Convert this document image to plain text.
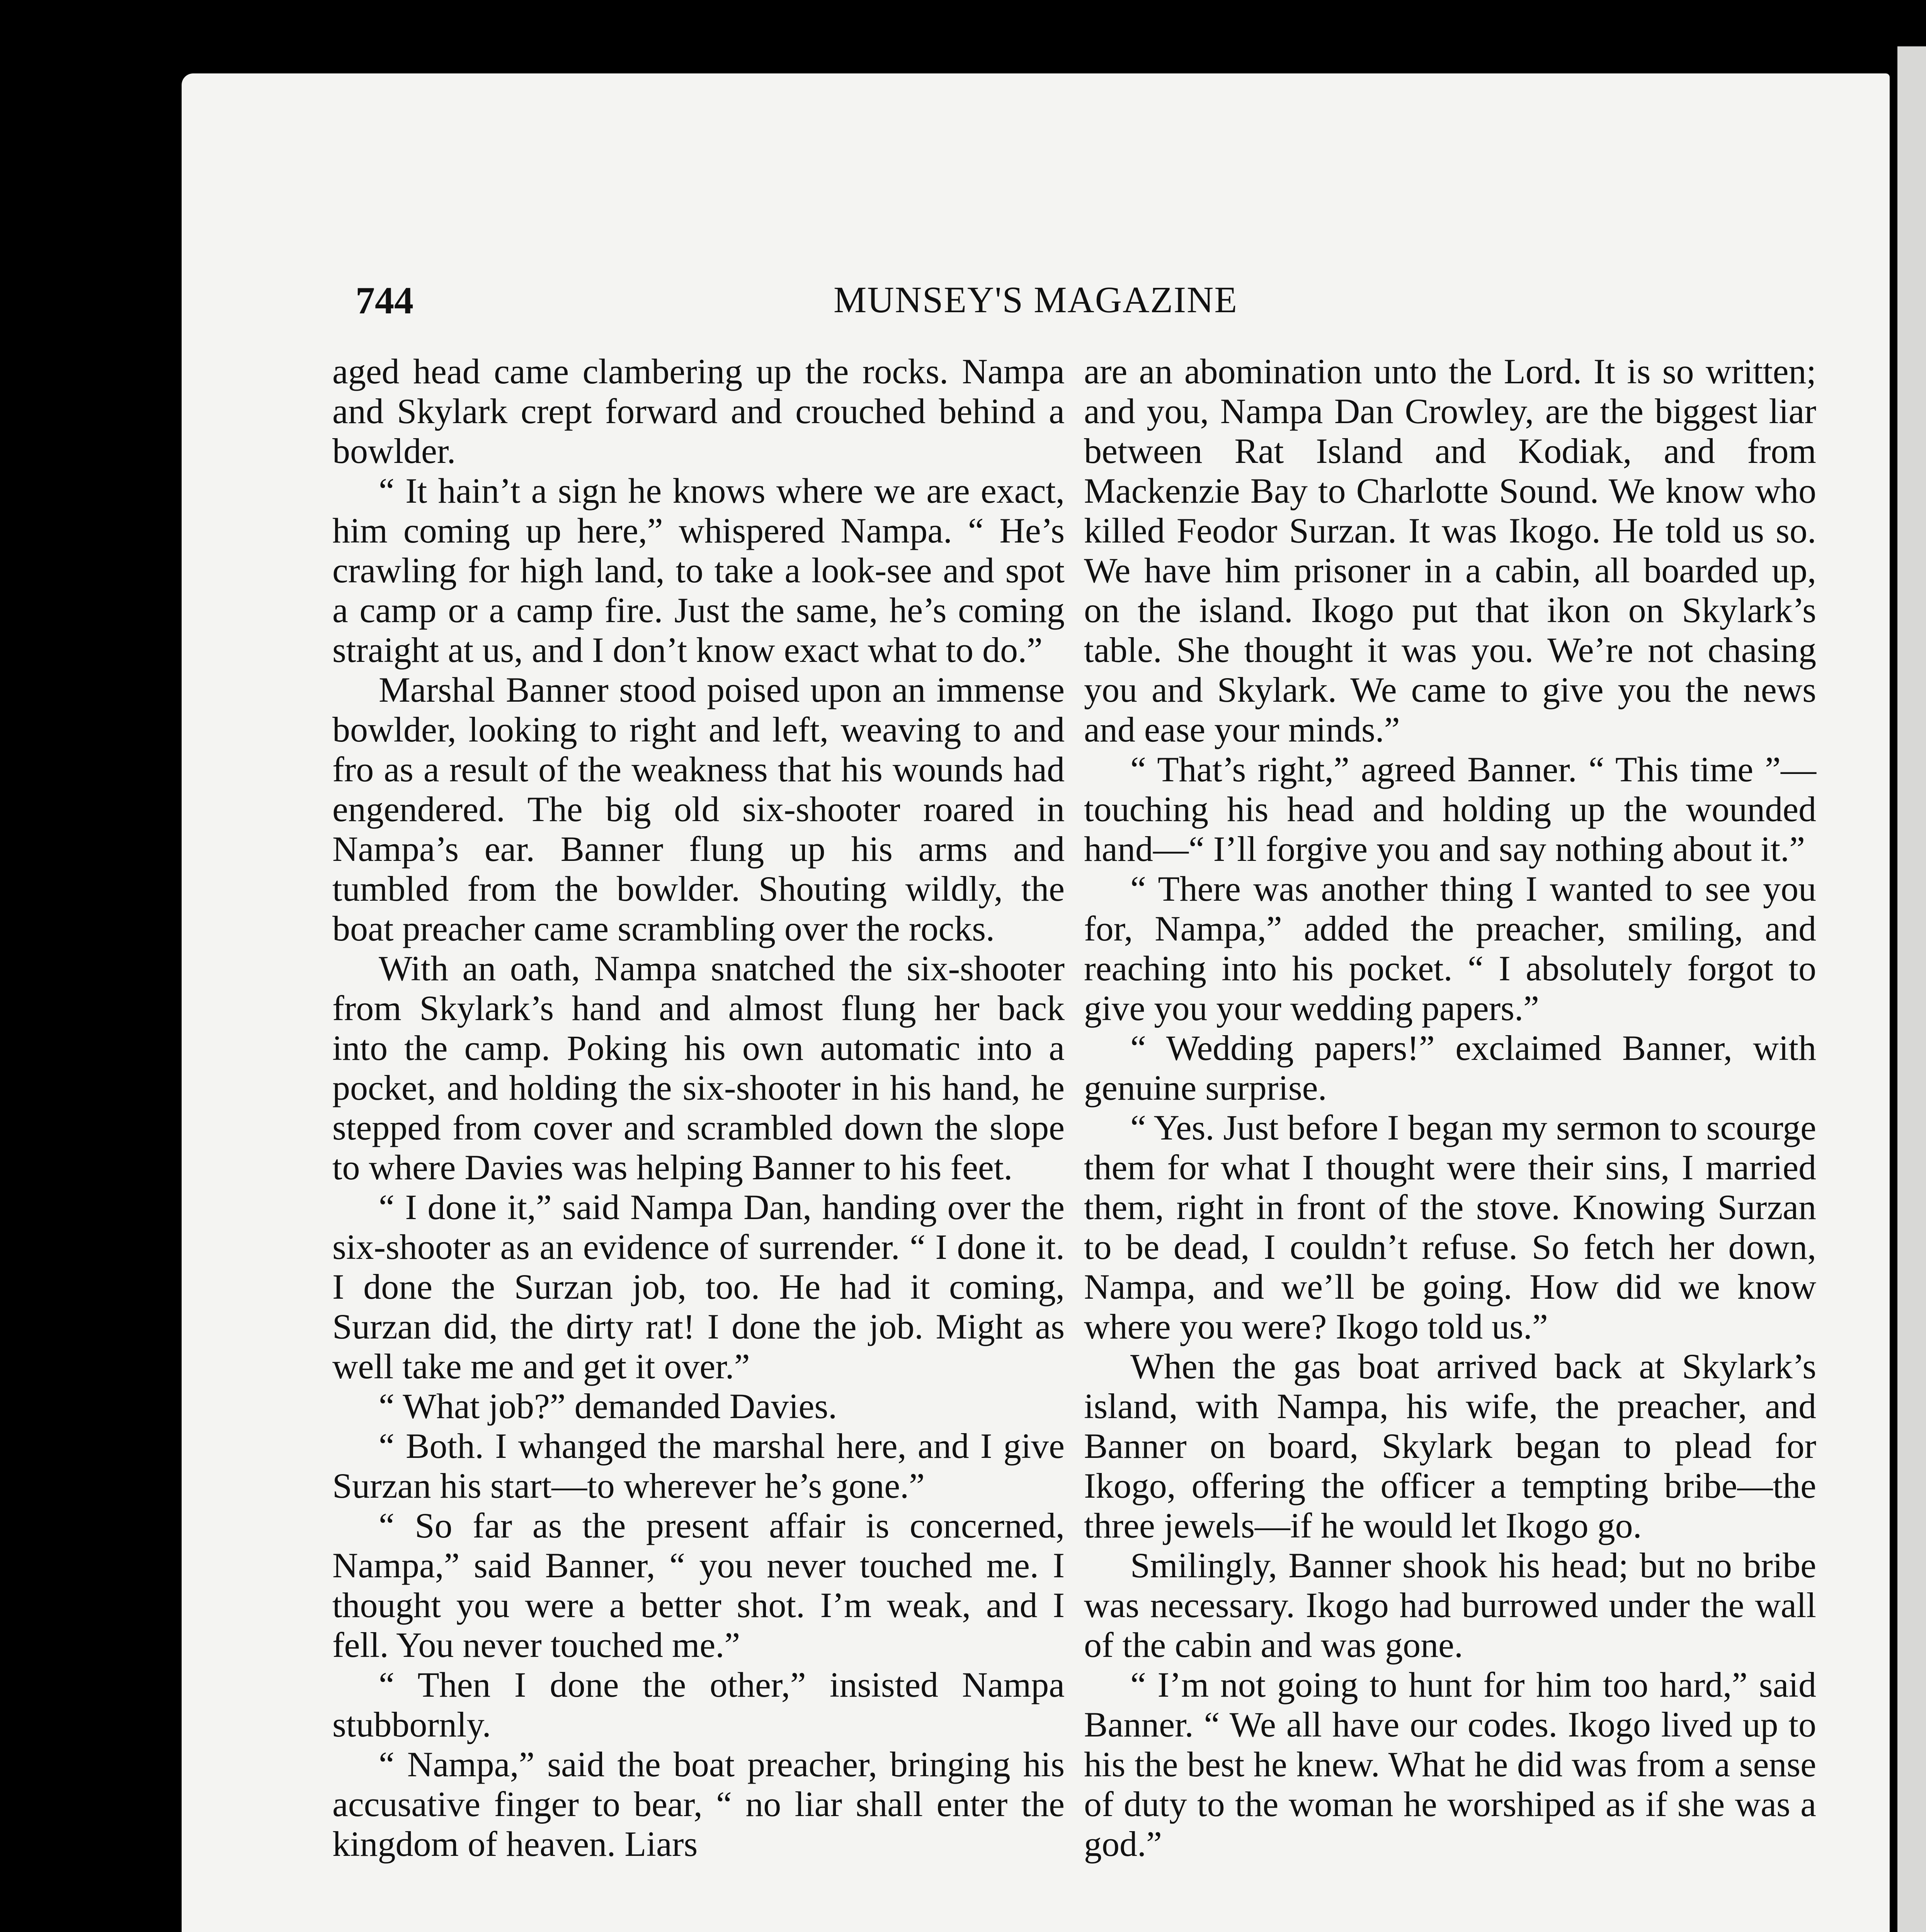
744	MUNSEY'S MAGAZINE

aged head came clambering up the rocks. Nampa and Skylark crept forward and crouched behind a bowlder.

“ It hain’t a sign he knows where we are exact, him coming up here,” whispered Nampa. “ He’s crawling for high land, to take a look-see and spot a camp or a camp fire. Just the same, he’s coming straight at us, and I don’t know exact what to do.”

Marshal Banner stood poised upon an immense bowlder, looking to right and left, weaving to and fro as a result of the weakness that his wounds had engendered. The big old six-shooter roared in Nampa’s ear. Banner flung up his arms and tumbled from the bowlder. Shouting wildly, the boat preacher came scrambling over the rocks.

With an oath, Nampa snatched the six-shooter from Skylark’s hand and almost flung her back into the camp. Poking his own automatic into a pocket, and holding the six-shooter in his hand, he stepped from cover and scrambled down the slope to where Davies was helping Banner to his feet.

“ I done it,” said Nampa Dan, handing over the six-shooter as an evidence of surrender. “ I done it. I done the Surzan job, too. He had it coming, Surzan did, the dirty rat! I done the job. Might as well take me and get it over.”

“ What job?” demanded Davies.

“ Both. I whanged the marshal here, and I give Surzan his start—to wherever he’s gone.”

“ So far as the present affair is concerned, Nampa,” said Banner, “ you never touched me. I thought you were a better shot. I’m weak, and I fell. You never touched me.”

“ Then I done the other,” insisted Nampa stubbornly.

“ Nampa,” said the boat preacher, bringing his accusative finger to bear, “ no liar shall enter the kingdom of heaven. Liars

are an abomination unto the Lord. It is so written; and you, Nampa Dan Crowley, are the biggest liar between Rat Island and Kodiak, and from Mackenzie Bay to Charlotte Sound. We know who killed Feodor Surzan. It was Ikogo. He told us so. We have him prisoner in a cabin, all boarded up, on the island. Ikogo put that ikon on Skylark’s table. She thought it was you. We’re not chasing you and Skylark. We came to give you the news and ease your minds.”

“ That’s right,” agreed Banner. “ This time ”—touching his head and holding up the wounded hand—“ I’ll forgive you and say nothing about it.”

“ There was another thing I wanted to see you for, Nampa,” added the preacher, smiling, and reaching into his pocket. “ I absolutely forgot to give you your wedding papers.”

“ Wedding papers!” exclaimed Banner, with genuine surprise.

“ Yes. Just before I began my sermon to scourge them for what I thought were their sins, I married them, right in front of the stove. Knowing Surzan to be dead, I couldn’t refuse. So fetch her down, Nampa, and we’ll be going. How did we know where you were? Ikogo told us.”

When the gas boat arrived back at Skylark’s island, with Nampa, his wife, the preacher, and Banner on board, Skylark began to plead for Ikogo, offering the officer a tempting bribe—the three jewels—if he would let Ikogo go.

Smilingly, Banner shook his head; but no bribe was necessary. Ikogo had burrowed under the wall of the cabin and was gone.

“ I’m not going to hunt for him too hard,” said Banner. “ We all have our codes. Ikogo lived up to his the best he knew. What he did was from a sense of duty to the woman he worshiped as if she was a god.”
